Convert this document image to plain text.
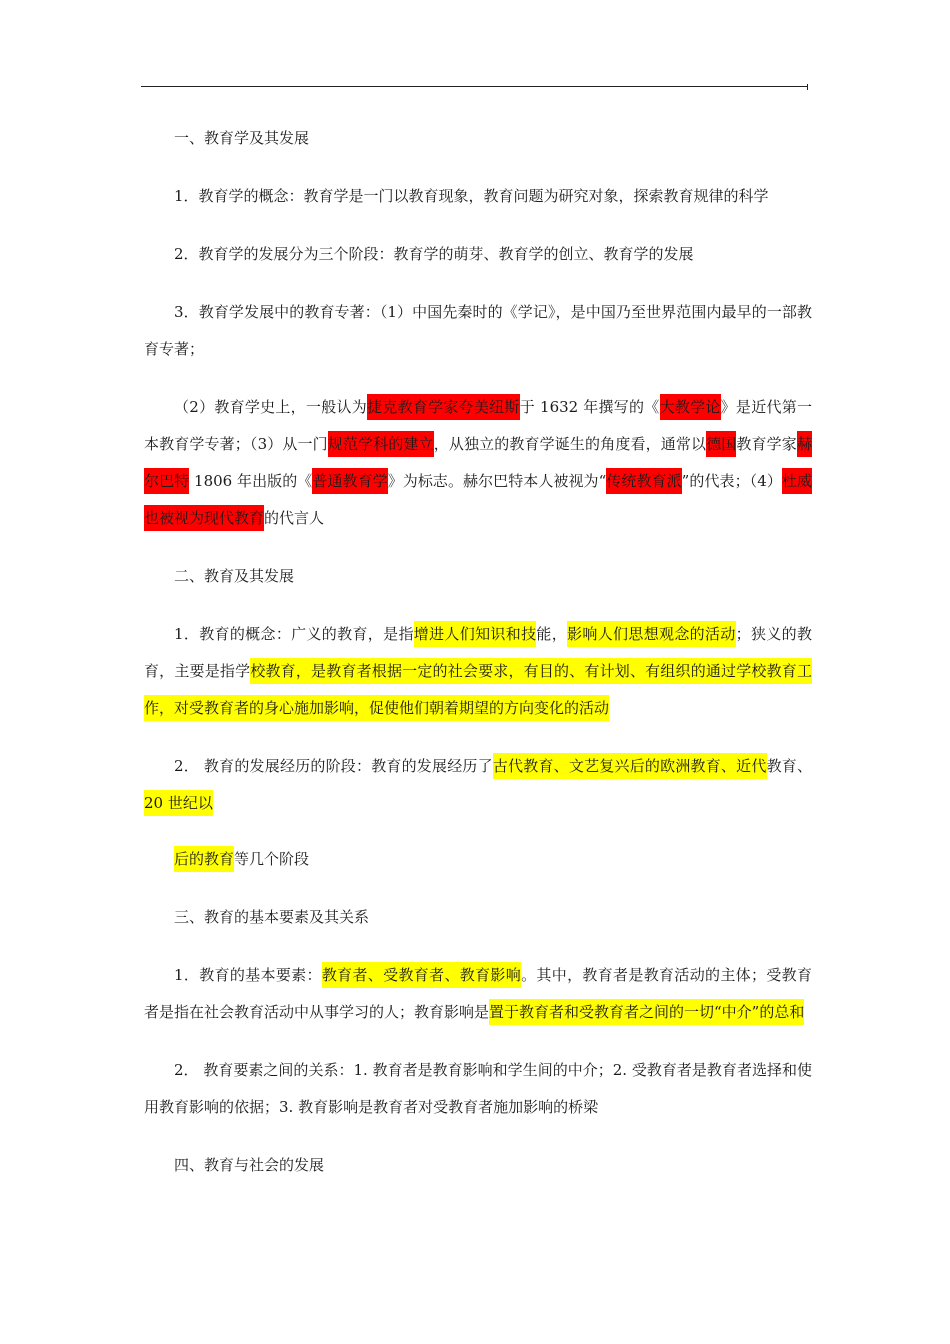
一、教育学及其发展

1．教育学的概念：教育学是一门以教育现象，教育问题为研究对象，探索教育规律的科学

2．教育学的发展分为三个阶段：教育学的萌芽、教育学的创立、教育学的发展

3．教育学发展中的教育专著：（1）中国先秦时的《学记》，是中国乃至世界范围内最早的一部教育专著；

（2）教育学史上，一般认为捷克教育学家夸美纽斯于 1632 年撰写的《大教学论》是近代第一本教育学专著；（3）从一门规范学科的建立，从独立的教育学诞生的角度看，通常以德国教育学家赫尔巴特 1806 年出版的《普通教育学》为标志。赫尔巴特本人被视为“传统教育派”的代表；（4）杜威也被视为现代教育的代言人

二、教育及其发展

1．教育的概念：广义的教育，是指增进人们知识和技能，影响人们思想观念的活动；狭义的教育，主要是指学校教育，是教育者根据一定的社会要求，有目的、有计划、有组织的通过学校教育工作，对受教育者的身心施加影响，促使他们朝着期望的方向变化的活动

2． 教育的发展经历的阶段：教育的发展经历了古代教育、文艺复兴后的欧洲教育、近代教育、20 世纪以

后的教育等几个阶段

三、教育的基本要素及其关系

1．教育的基本要素：教育者、受教育者、教育影响。其中，教育者是教育活动的主体；受教育者是指在社会教育活动中从事学习的人；教育影响是置于教育者和受教育者之间的一切“中介”的总和

2． 教育要素之间的关系：1. 教育者是教育影响和学生间的中介；2. 受教育者是教育者选择和使用教育影响的依据；3. 教育影响是教育者对受教育者施加影响的桥梁

四、教育与社会的发展
